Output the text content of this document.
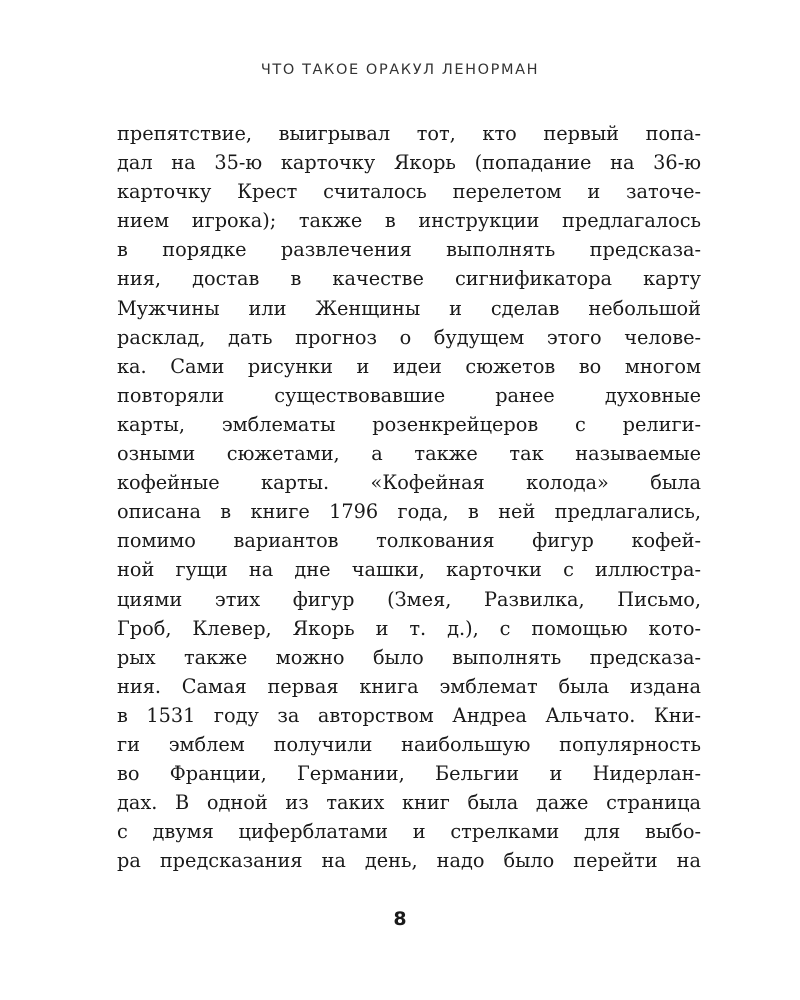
ЧТО ТАКОЕ ОРАКУЛ ЛЕНОРМАН
препятствие, выигрывал тот, кто первый попа-
дал на 35-ю карточку Якорь (попадание на 36-ю
карточку Крест считалось перелетом и заточе-
нием игрока); также в инструкции предлагалось
в порядке развлечения выполнять предсказа-
ния, достав в качестве сигнификатора карту
Мужчины или Женщины и сделав небольшой
расклад, дать прогноз о будущем этого челове-
ка. Сами рисунки и идеи сюжетов во многом
повторяли существовавшие ранее духовные
карты, эмблематы розенкрейцеров с религи-
озными сюжетами, а также так называемые
кофейные карты. «Кофейная колода» была
описана в книге 1796 года, в ней предлагались,
помимо вариантов толкования фигур кофей-
ной гущи на дне чашки, карточки с иллюстра-
циями этих фигур (Змея, Развилка, Письмо,
Гроб, Клевер, Якорь и т. д.), с помощью кото-
рых также можно было выполнять предсказа-
ния. Самая первая книга эмблемат была издана
в 1531 году за авторством Андреа Альчато. Кни-
ги эмблем получили наибольшую популярность
во Франции, Германии, Бельгии и Нидерлан-
дах. В одной из таких книг была даже страница
с двумя циферблатами и стрелками для выбо-
ра предсказания на день, надо было перейти на
8
